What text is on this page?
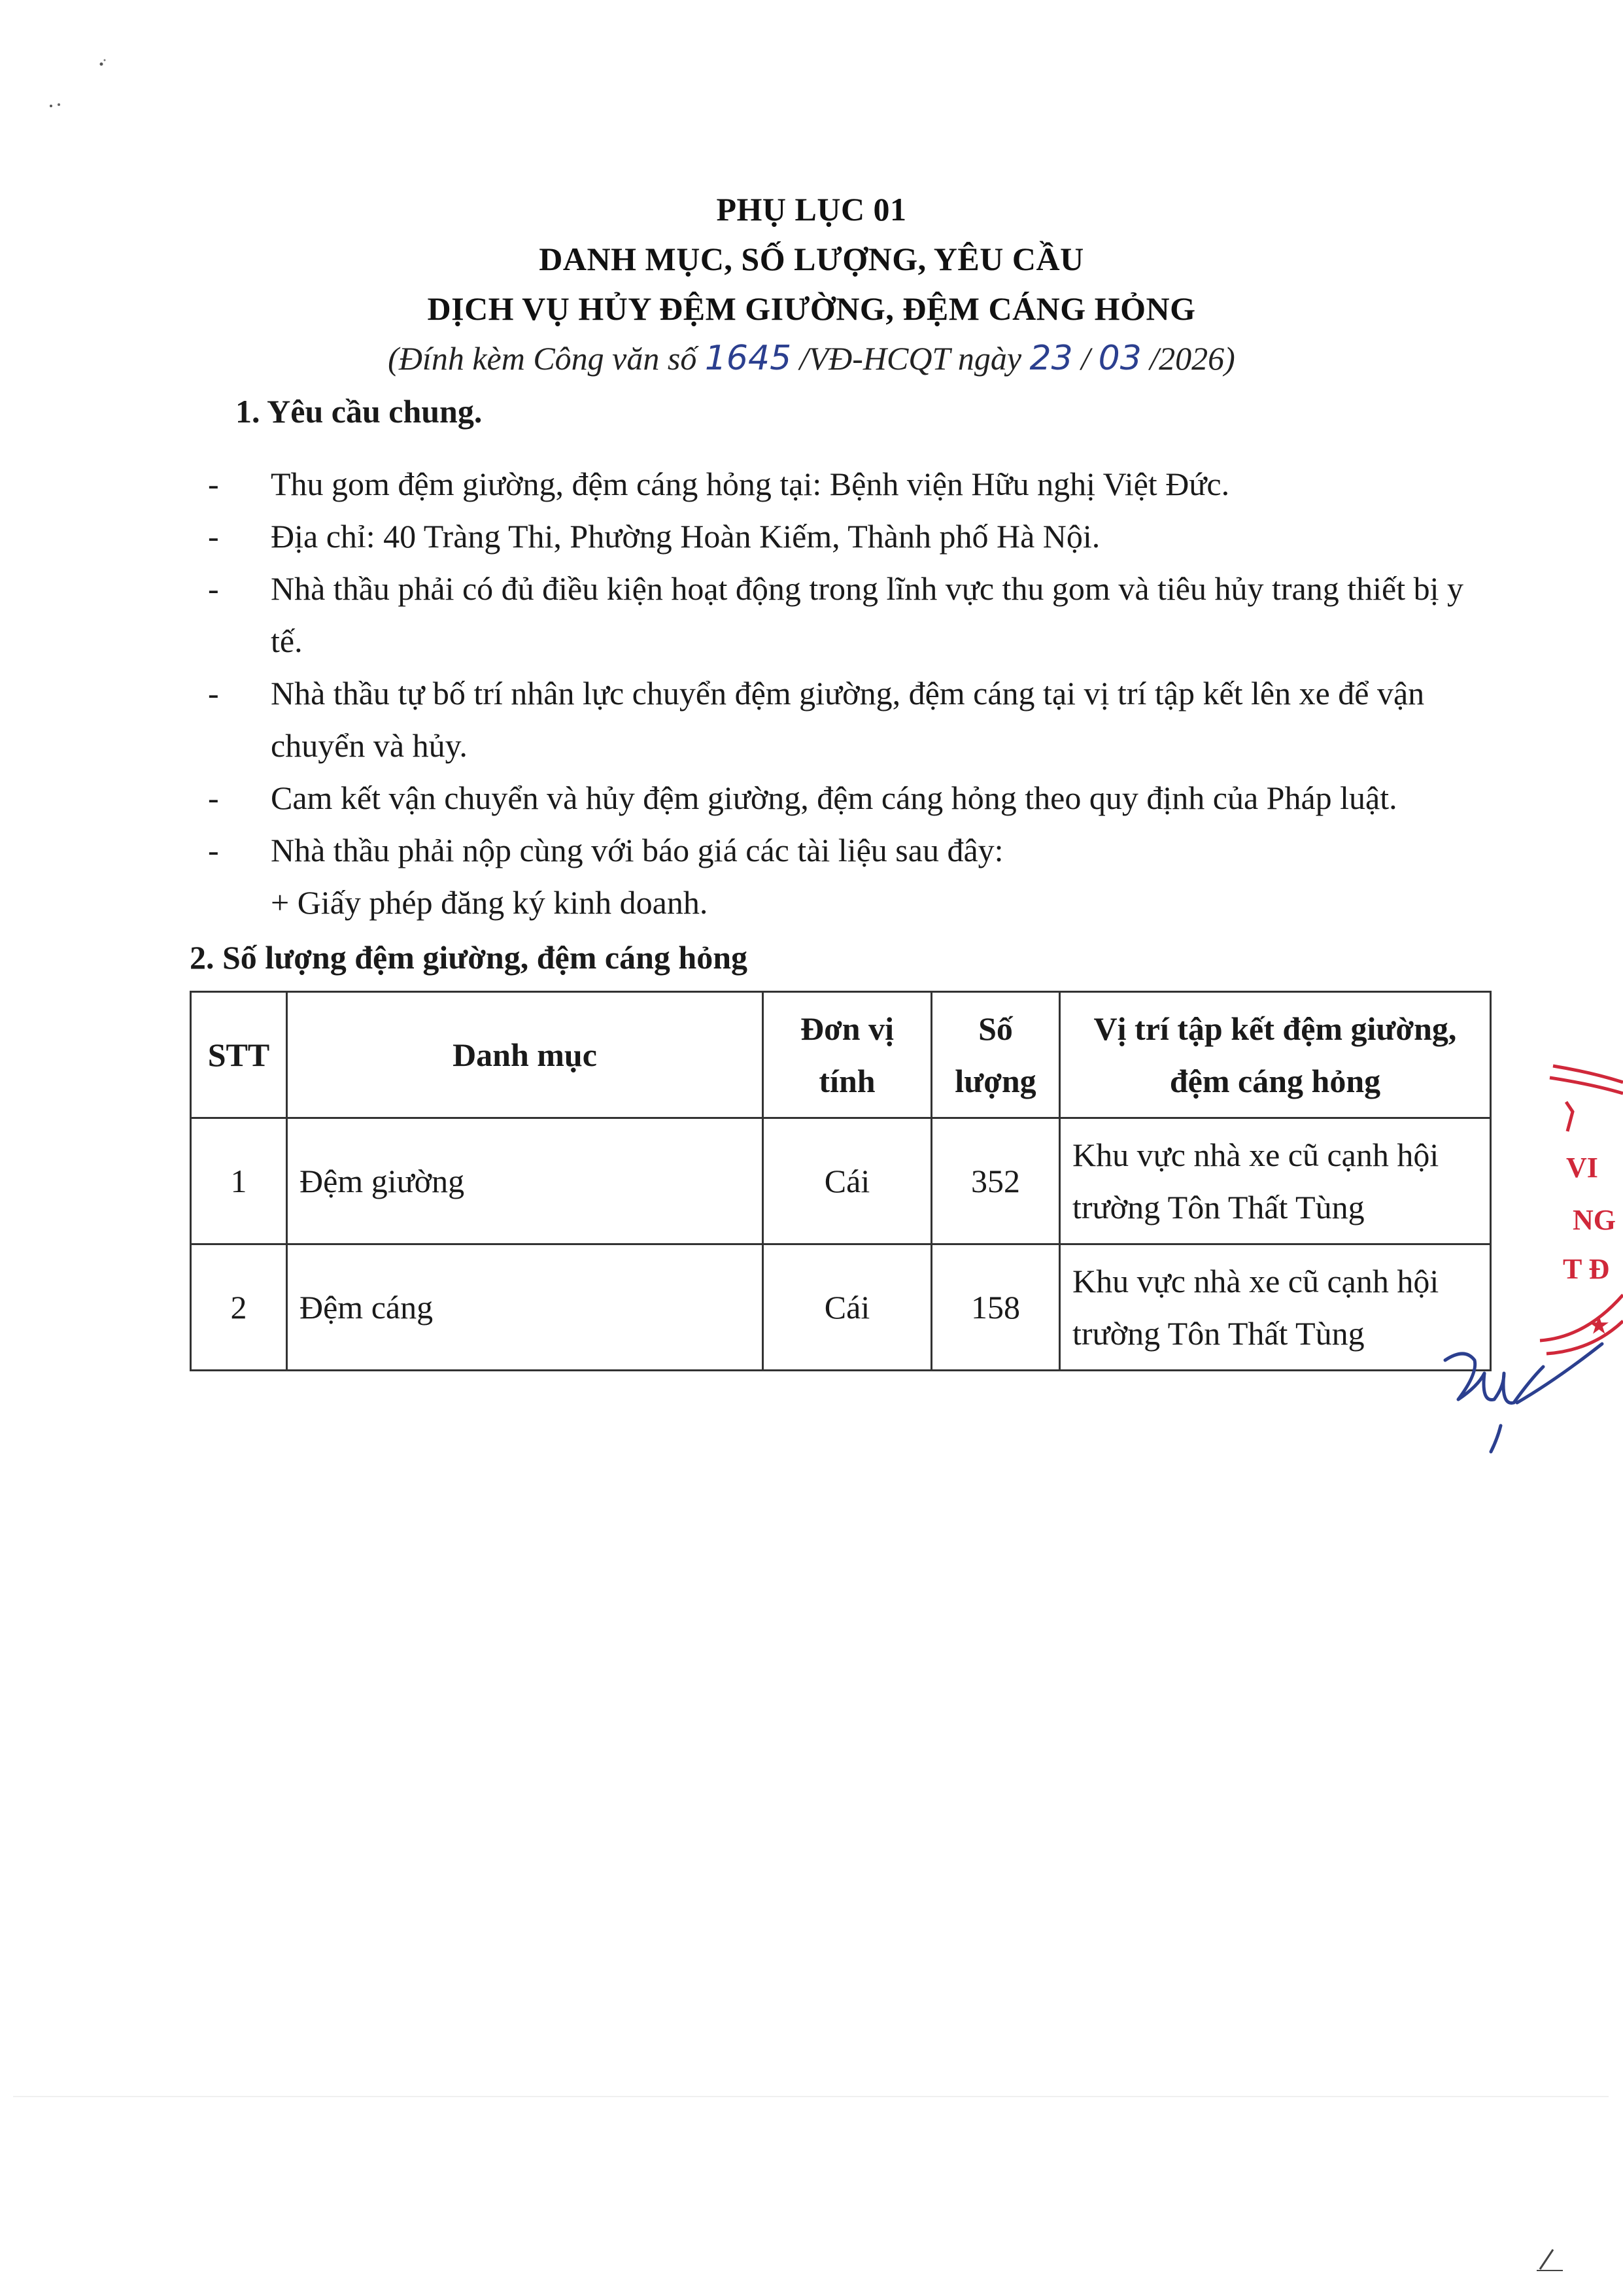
PHỤ LỤC 01
DANH MỤC, SỐ LƯỢNG, YÊU CẦU
DỊCH VỤ HỦY ĐỆM GIƯỜNG, ĐỆM CÁNG HỎNG
(Đính kèm Công văn số 1645 /VĐ-HCQT ngày 23 / 03 /2026)
1. Yêu cầu chung.
- Thu gom đệm giường, đệm cáng hỏng tại: Bệnh viện Hữu nghị Việt Đức.
- Địa chỉ: 40 Tràng Thi, Phường Hoàn Kiếm, Thành phố Hà Nội.
- Nhà thầu phải có đủ điều kiện hoạt động trong lĩnh vực thu gom và tiêu hủy trang thiết bị y tế.
- Nhà thầu tự bố trí nhân lực chuyển đệm giường, đệm cáng tại vị trí tập kết lên xe để vận chuyển và hủy.
- Cam kết vận chuyển và hủy đệm giường, đệm cáng hỏng theo quy định của Pháp luật.
- Nhà thầu phải nộp cùng với báo giá các tài liệu sau đây:
+ Giấy phép đăng ký kinh doanh.
2. Số lượng đệm giường, đệm cáng hỏng
STT	Danh mục	Đơn vị tính	Số lượng	Vị trí tập kết đệm giường, đệm cáng hỏng
1	Đệm giường	Cái	352	Khu vực nhà xe cũ cạnh hội trường Tôn Thất Tùng
2	Đệm cáng	Cái	158	Khu vực nhà xe cũ cạnh hội trường Tôn Thất Tùng
VI
NG
T Đ
★
